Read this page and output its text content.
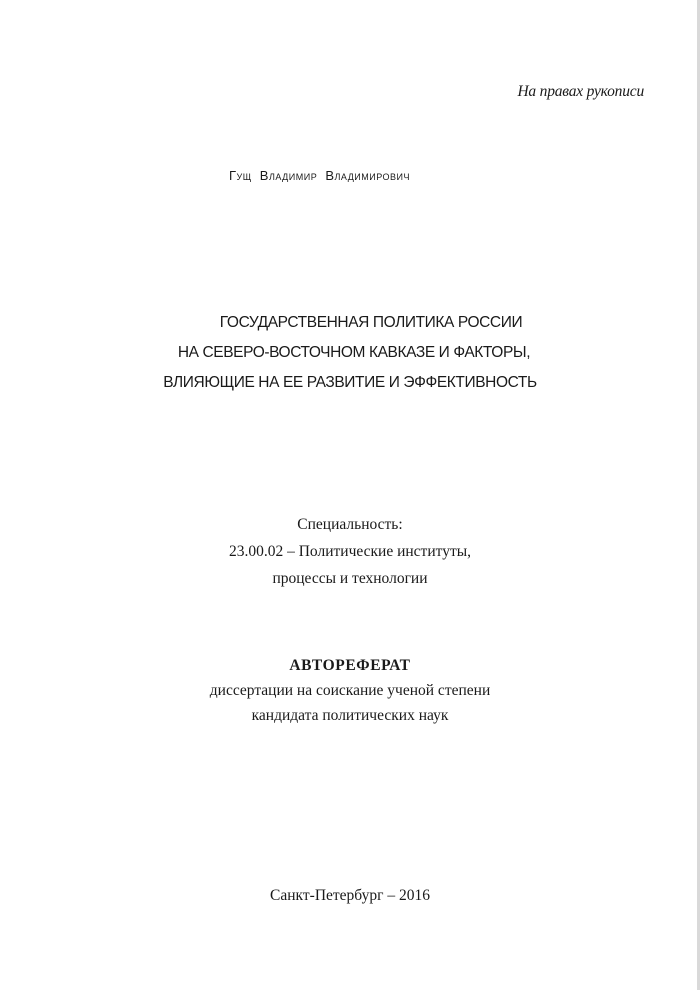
На правах рукописи
Гущ Владимир Владимирович
ГОСУДАРСТВЕННАЯ ПОЛИТИКА РОССИИ
НА СЕВЕРО-ВОСТОЧНОМ КАВКАЗЕ И ФАКТОРЫ,
ВЛИЯЮЩИЕ НА ЕЕ РАЗВИТИЕ И ЭФФЕКТИВНОСТЬ
Специальность:
23.00.02 – Политические институты,
процессы и технологии
АВТОРЕФЕРАТ
диссертации на соискание ученой степени
кандидата политических наук
Санкт-Петербург – 2016
